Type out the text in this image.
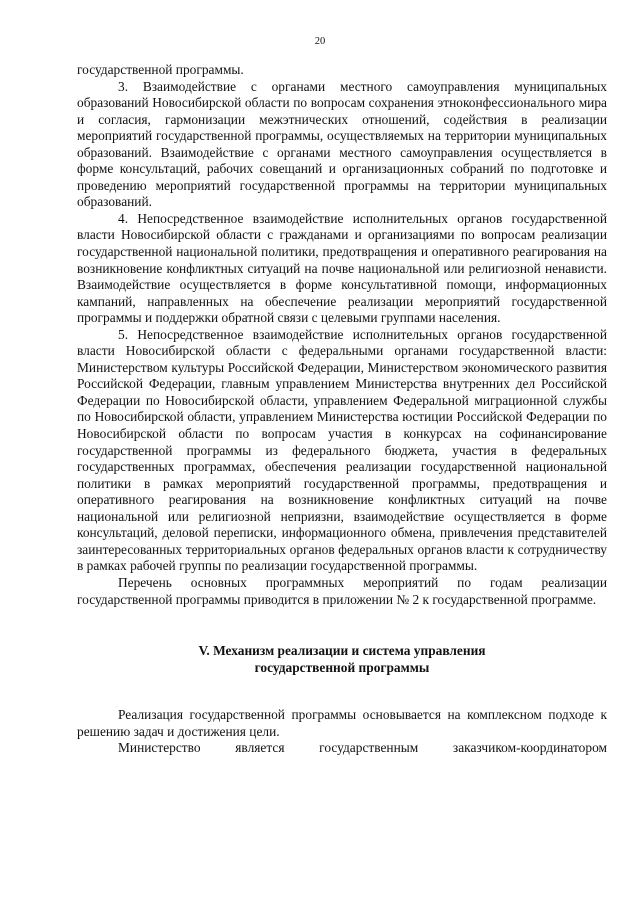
20

государственной программы.

3. Взаимодействие с органами местного самоуправления муниципальных образований Новосибирской области по вопросам сохранения этноконфессионального мира и согласия, гармонизации межэтнических отношений, содействия в реализации мероприятий государственной программы, осуществляемых на территории муниципальных образований. Взаимодействие с органами местного самоуправления осуществляется в форме консультаций, рабочих совещаний и организационных собраний по подготовке и проведению мероприятий государственной программы на территории муниципальных образований.

4. Непосредственное взаимодействие исполнительных органов государственной власти Новосибирской области с гражданами и организациями по вопросам реализации государственной национальной политики, предотвращения и оперативного реагирования на возникновение конфликтных ситуаций на почве национальной или религиозной ненависти. Взаимодействие осуществляется в форме консультативной помощи, информационных кампаний, направленных на обеспечение реализации мероприятий государственной программы и поддержки обратной связи с целевыми группами населения.

5. Непосредственное взаимодействие исполнительных органов государственной власти Новосибирской области с федеральными органами государственной власти: Министерством культуры Российской Федерации, Министерством экономического развития Российской Федерации, главным управлением Министерства внутренних дел Российской Федерации по Новосибирской области, управлением Федеральной миграционной службы по Новосибирской области, управлением Министерства юстиции Российской Федерации по Новосибирской области по вопросам участия в конкурсах на софинансирование государственной программы из федерального бюджета, участия в федеральных государственных программах, обеспечения реализации государственной национальной политики в рамках мероприятий государственной программы, предотвращения и оперативного реагирования на возникновение конфликтных ситуаций на почве национальной или религиозной неприязни, взаимодействие осуществляется в форме консультаций, деловой переписки, информационного обмена, привлечения представителей заинтересованных территориальных органов федеральных органов власти к сотрудничеству в рамках рабочей группы по реализации государственной программы.

Перечень основных программных мероприятий по годам реализации государственной программы приводится в приложении № 2 к государственной программе.

V. Механизм реализации и система управления
государственной программы

Реализация государственной программы основывается на комплексном подходе к решению задач и достижения цели.

Министерство является государственным заказчиком-координатором
